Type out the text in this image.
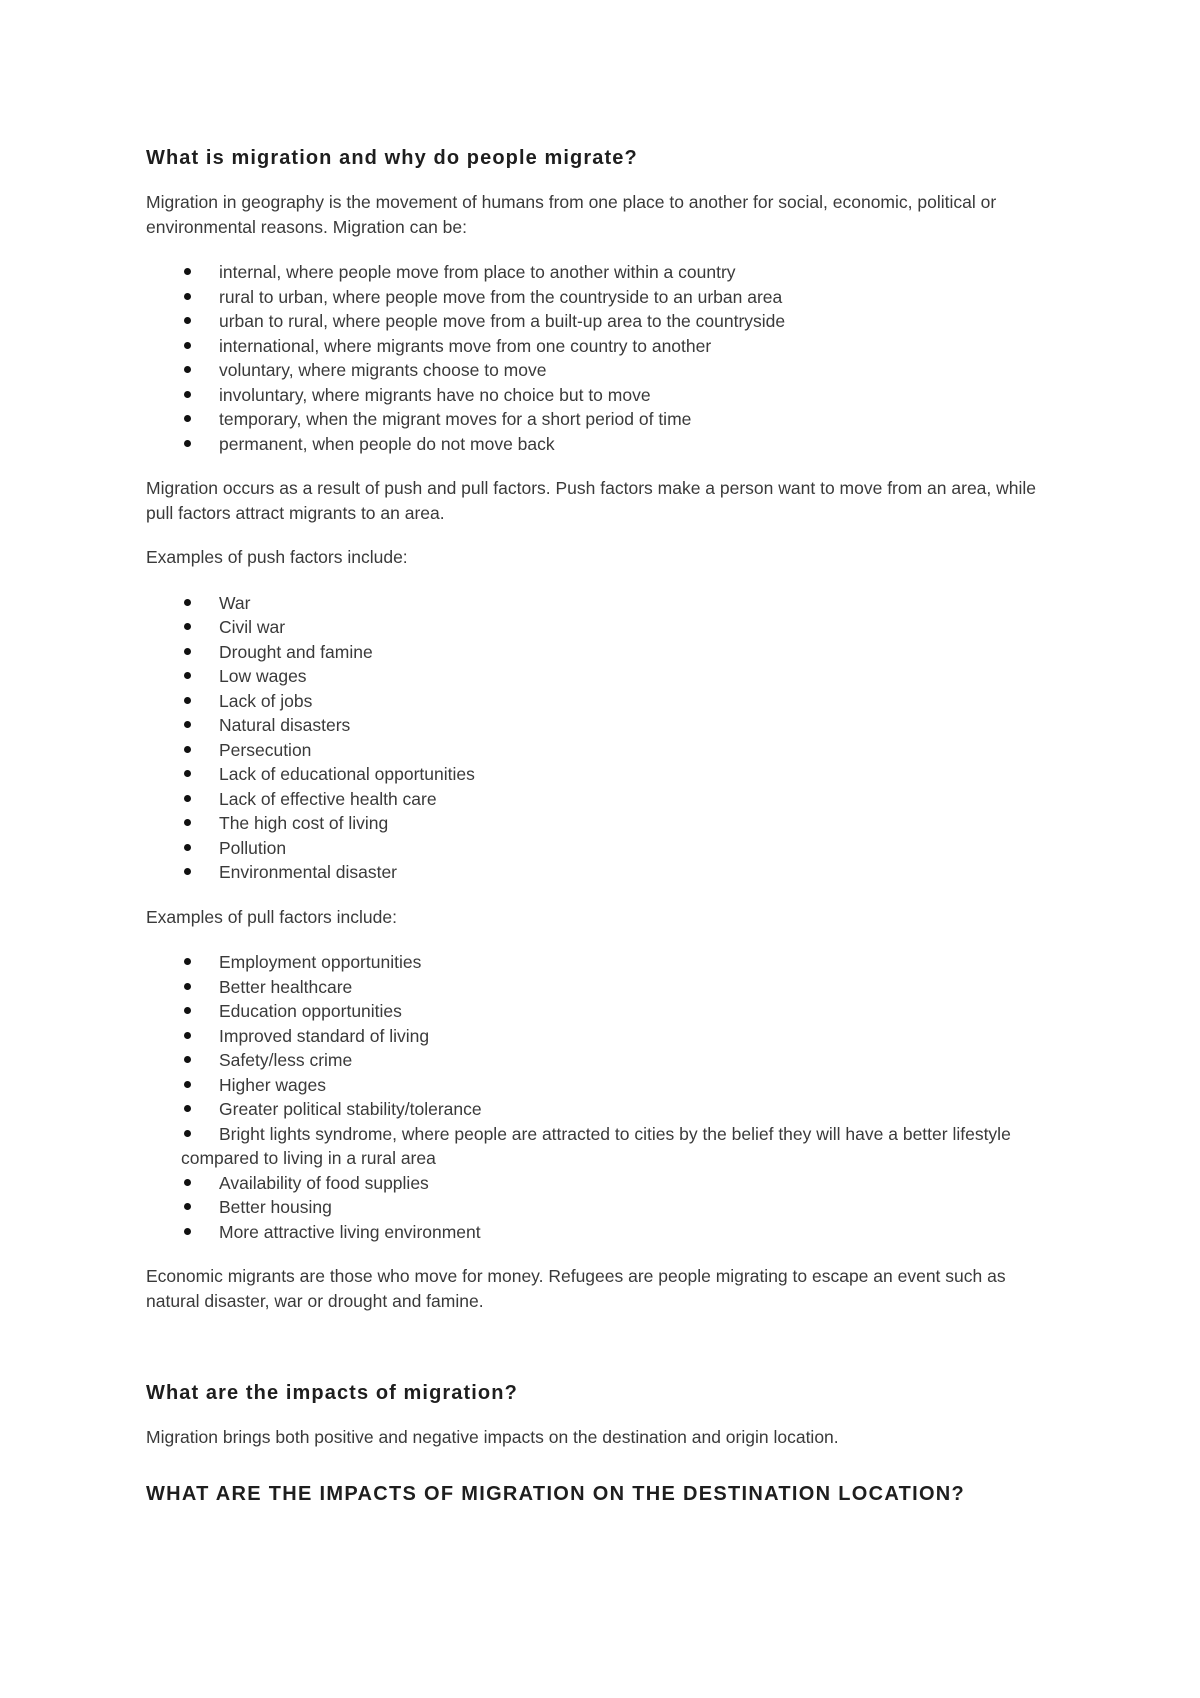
What is migration and why do people migrate?

Migration in geography is the movement of humans from one place to another for social, economic, political or environmental reasons. Migration can be:

internal, where people move from place to another within a country
rural to urban, where people move from the countryside to an urban area
urban to rural, where people move from a built-up area to the countryside
international, where migrants move from one country to another
voluntary, where migrants choose to move
involuntary, where migrants have no choice but to move
temporary, when the migrant moves for a short period of time
permanent, when people do not move back

Migration occurs as a result of push and pull factors. Push factors make a person want to move from an area, while pull factors attract migrants to an area.

Examples of push factors include:

War
Civil war
Drought and famine
Low wages
Lack of jobs
Natural disasters
Persecution
Lack of educational opportunities
Lack of effective health care
The high cost of living
Pollution
Environmental disaster

Examples of pull factors include:

Employment opportunities
Better healthcare
Education opportunities
Improved standard of living
Safety/less crime
Higher wages
Greater political stability/tolerance
Bright lights syndrome, where people are attracted to cities by the belief they will have a better lifestyle compared to living in a rural area
Availability of food supplies
Better housing
More attractive living environment

Economic migrants are those who move for money. Refugees are people migrating to escape an event such as natural disaster, war or drought and famine.

What are the impacts of migration?

Migration brings both positive and negative impacts on the destination and origin location.

WHAT ARE THE IMPACTS OF MIGRATION ON THE DESTINATION LOCATION?
